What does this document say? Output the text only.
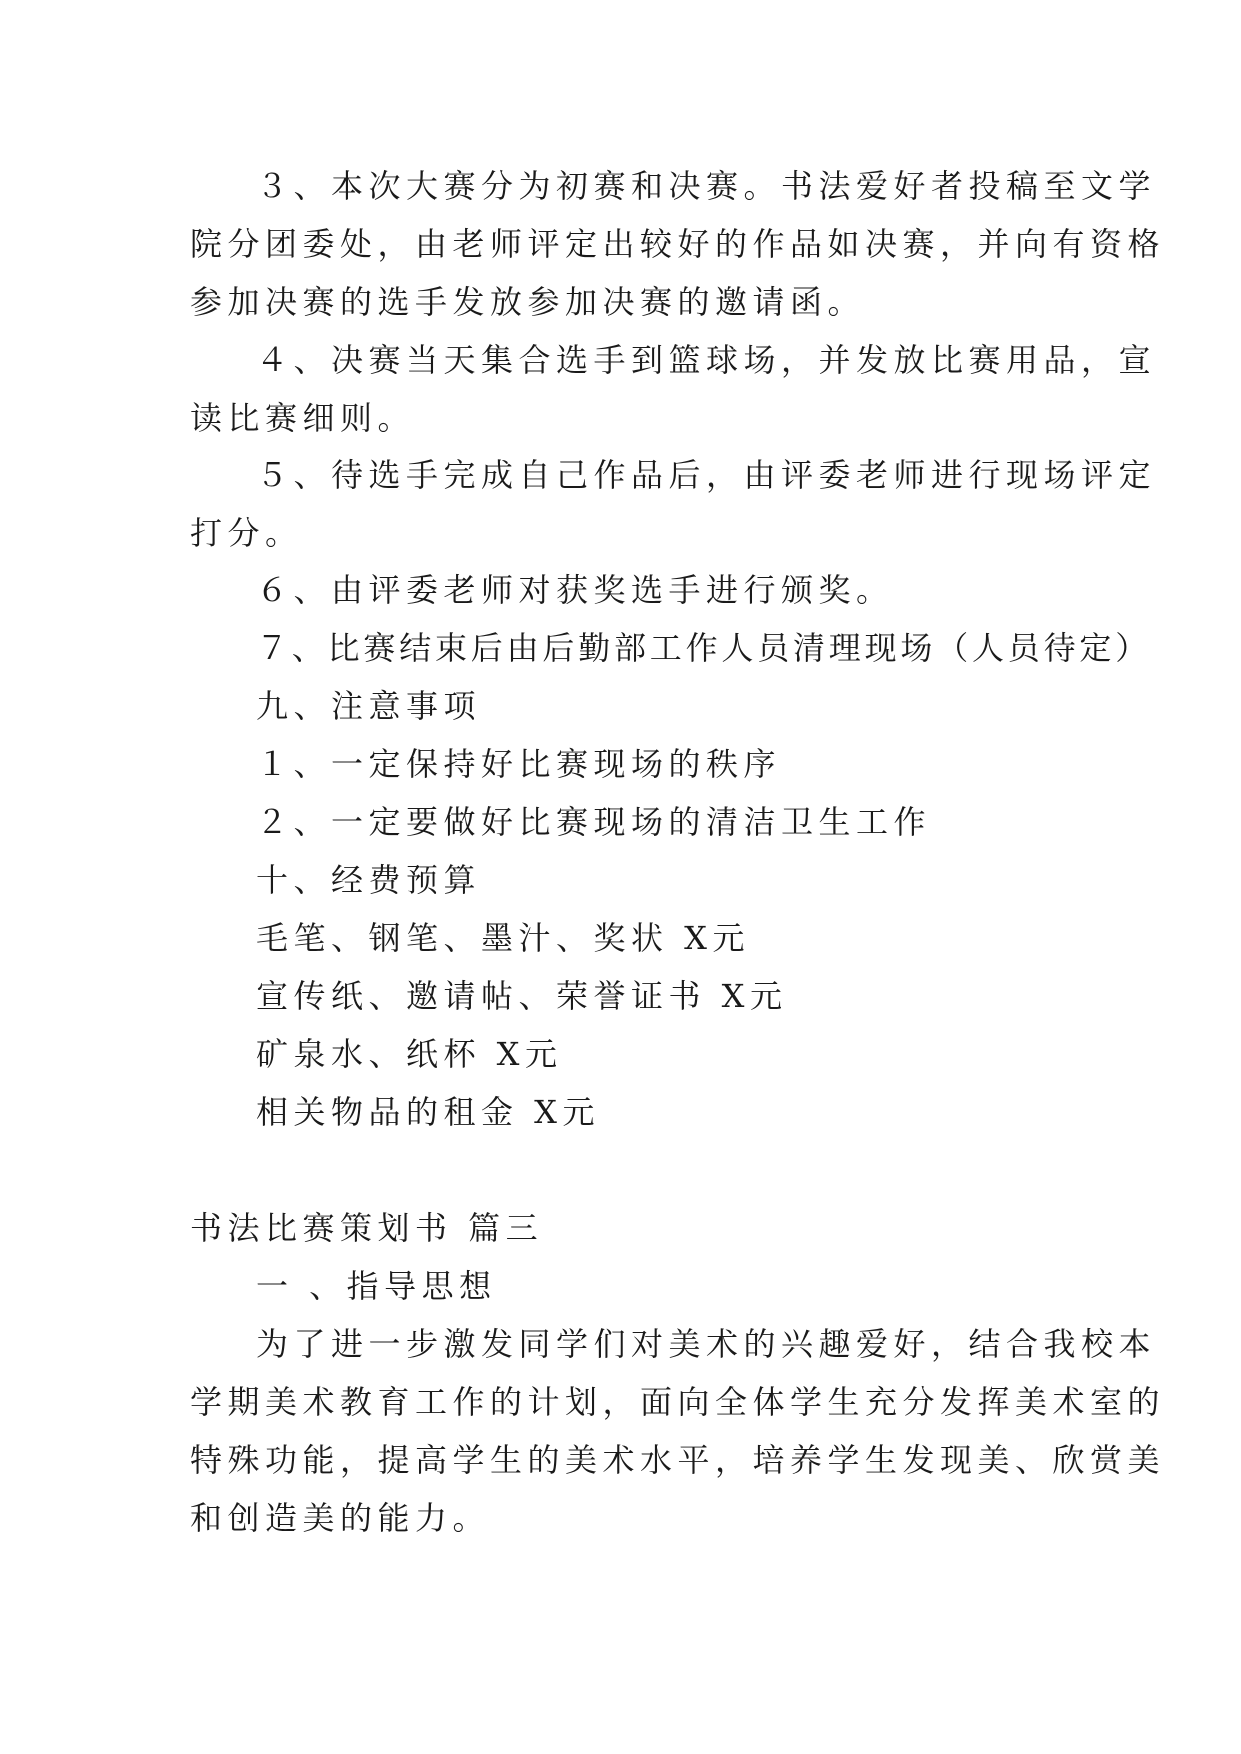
３、本次大赛分为初赛和决赛。书法爱好者投稿至文学
院分团委处，由老师评定出较好的作品如决赛，并向有资格
参加决赛的选手发放参加决赛的邀请函。
４、决赛当天集合选手到篮球场，并发放比赛用品，宣
读比赛细则。
５、待选手完成自己作品后，由评委老师进行现场评定
打分。
６、由评委老师对获奖选手进行颁奖。
７、比赛结束后由后勤部工作人员清理现场（人员待定）
九、注意事项
１、一定保持好比赛现场的秩序
２、一定要做好比赛现场的清洁卫生工作
十、经费预算
毛笔、钢笔、墨汁、奖状 X元
宣传纸、邀请帖、荣誉证书 X元
矿泉水、纸杯 X元
相关物品的租金 X元
书法比赛策划书 篇三
一 、指导思想
为了进一步激发同学们对美术的兴趣爱好，结合我校本
学期美术教育工作的计划，面向全体学生充分发挥美术室的
特殊功能，提高学生的美术水平，培养学生发现美、欣赏美
和创造美的能力。
